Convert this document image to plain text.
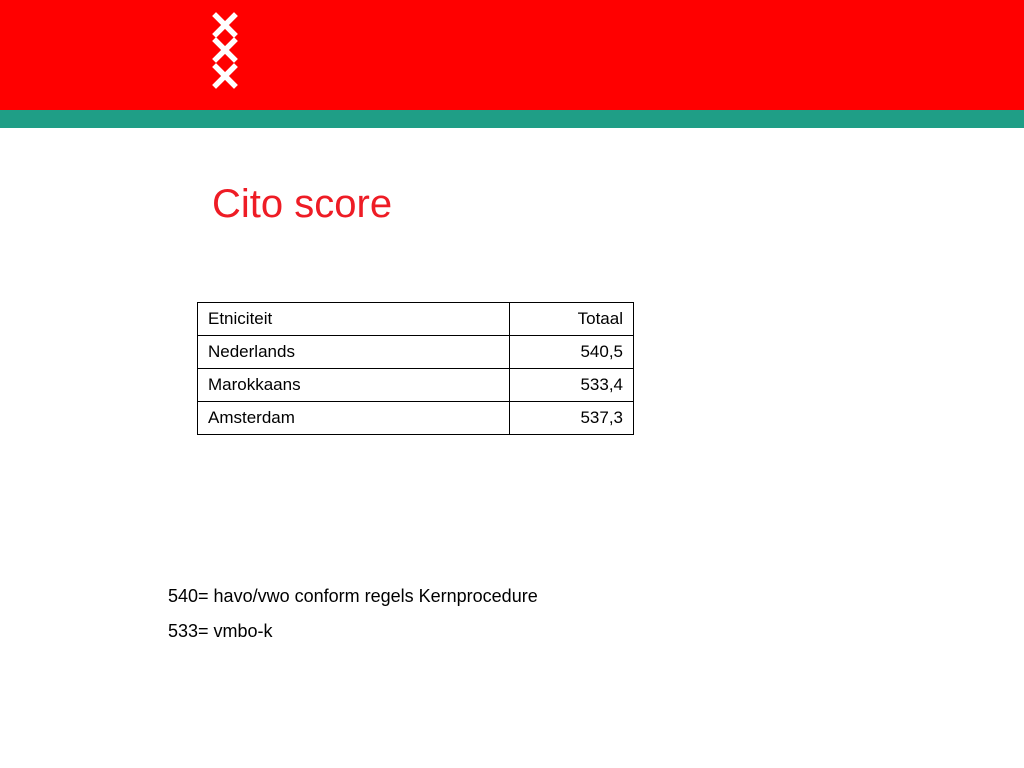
Cito score
Etniciteit	Totaal
Nederlands	540,5
Marokkaans	533,4
Amsterdam	537,3
540= havo/vwo conform regels Kernprocedure
533= vmbo-k
